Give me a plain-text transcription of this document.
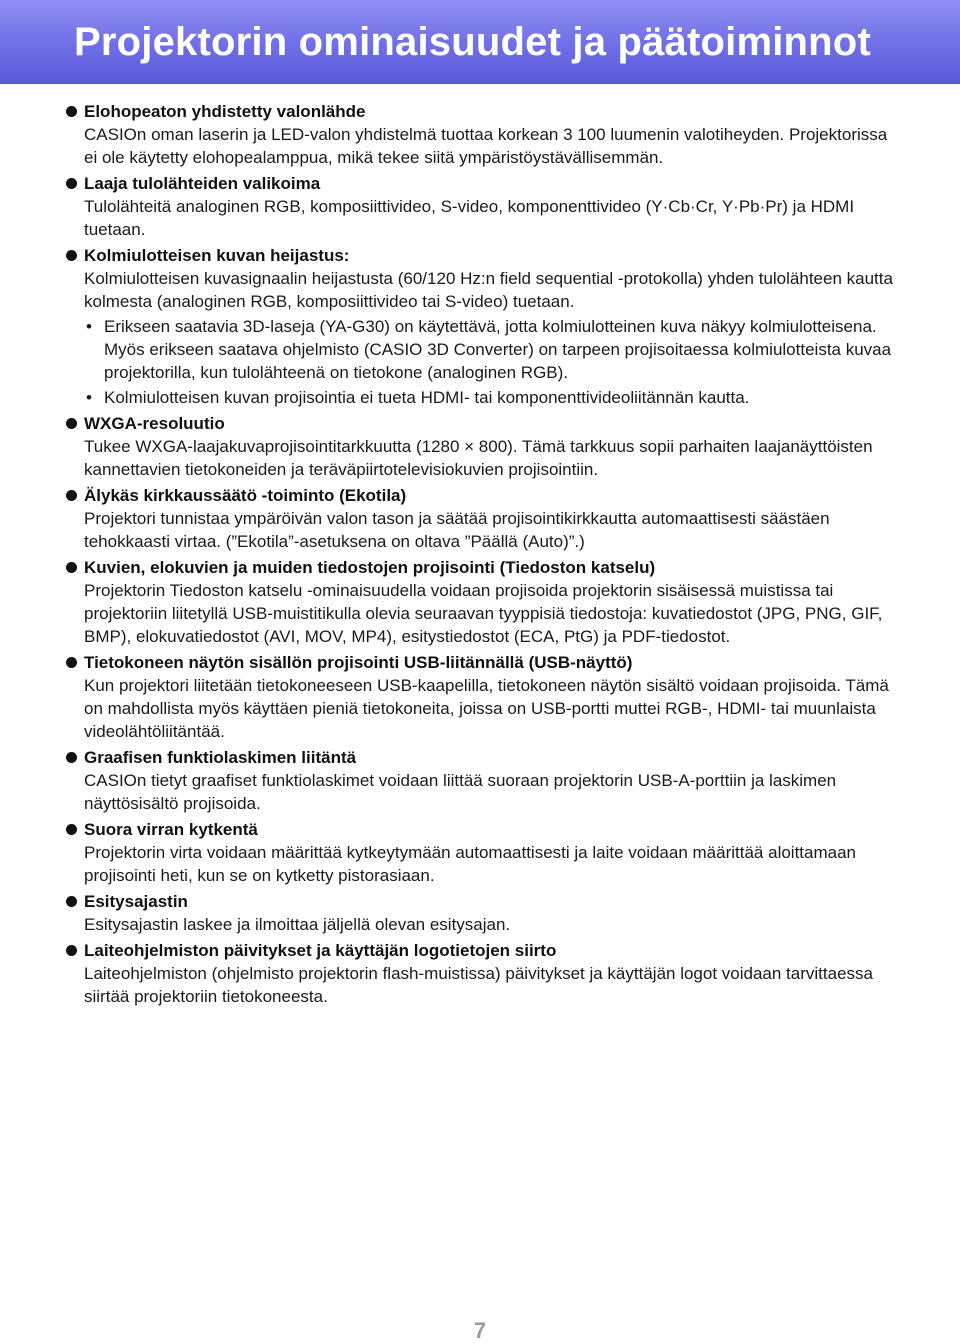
Projektorin ominaisuudet ja päätoiminnot
Elohopeaton yhdistetty valonlähde
CASIOn oman laserin ja LED-valon yhdistelmä tuottaa korkean 3 100 luumenin valotiheyden. Projektorissa ei ole käytetty elohopealamppua, mikä tekee siitä ympäristöystävällisemmän.
Laaja tulolähteiden valikoima
Tulolähteitä analoginen RGB, komposiittivideo, S-video, komponenttivideo (Y·Cb·Cr, Y·Pb·Pr) ja HDMI tuetaan.
Kolmiulotteisen kuvan heijastus:
Kolmiulotteisen kuvasignaalin heijastusta (60/120 Hz:n field sequential -protokolla) yhden tulolähteen kautta kolmesta (analoginen RGB, komposiittivideo tai S-video) tuetaan.
• Erikseen saatavia 3D-laseja (YA-G30) on käytettävä, jotta kolmiulotteinen kuva näkyy kolmiulotteisena. Myös erikseen saatava ohjelmisto (CASIO 3D Converter) on tarpeen projisoitaessa kolmiulotteista kuvaa projektorilla, kun tulolähteenä on tietokone (analoginen RGB).
• Kolmiulotteisen kuvan projisointia ei tueta HDMI- tai komponenttivideoliitännän kautta.
WXGA-resoluutio
Tukee WXGA-laajakuvaprojisointitarkkuutta (1280 × 800). Tämä tarkkuus sopii parhaiten laajanäyttöisten kannettavien tietokoneiden ja teräväpiirtotelevisiokuvien projisointiin.
Älykäs kirkkaussäätö -toiminto (Ekotila)
Projektori tunnistaa ympäröivän valon tason ja säätää projisointikirkkautta automaattisesti säästäen tehokkaasti virtaa. (”Ekotila”-asetuksena on oltava ”Päällä (Auto)”.)
Kuvien, elokuvien ja muiden tiedostojen projisointi (Tiedoston katselu)
Projektorin Tiedoston katselu -ominaisuudella voidaan projisoida projektorin sisäisessä muistissa tai projektoriin liitetyllä USB-muistitikulla olevia seuraavan tyyppisiä tiedostoja: kuvatiedostot (JPG, PNG, GIF, BMP), elokuvatiedostot (AVI, MOV, MP4), esitystiedostot (ECA, PtG) ja PDF-tiedostot.
Tietokoneen näytön sisällön projisointi USB-liitännällä (USB-näyttö)
Kun projektori liitetään tietokoneeseen USB-kaapelilla, tietokoneen näytön sisältö voidaan projisoida. Tämä on mahdollista myös käyttäen pieniä tietokoneita, joissa on USB-portti muttei RGB-, HDMI- tai muunlaista videolähtöliitäntää.
Graafisen funktiolaskimen liitäntä
CASIOn tietyt graafiset funktiolaskimet voidaan liittää suoraan projektorin USB-A-porttiin ja laskimen näyttösisältö projisoida.
Suora virran kytkentä
Projektorin virta voidaan määrittää kytkeytymään automaattisesti ja laite voidaan määrittää aloittamaan projisointi heti, kun se on kytketty pistorasiaan.
Esitysajastin
Esitysajastin laskee ja ilmoittaa jäljellä olevan esitysajan.
Laiteohjelmiston päivitykset ja käyttäjän logotietojen siirto
Laiteohjelmiston (ohjelmisto projektorin flash-muistissa) päivitykset ja käyttäjän logot voidaan tarvittaessa siirtää projektoriin tietokoneesta.
7
